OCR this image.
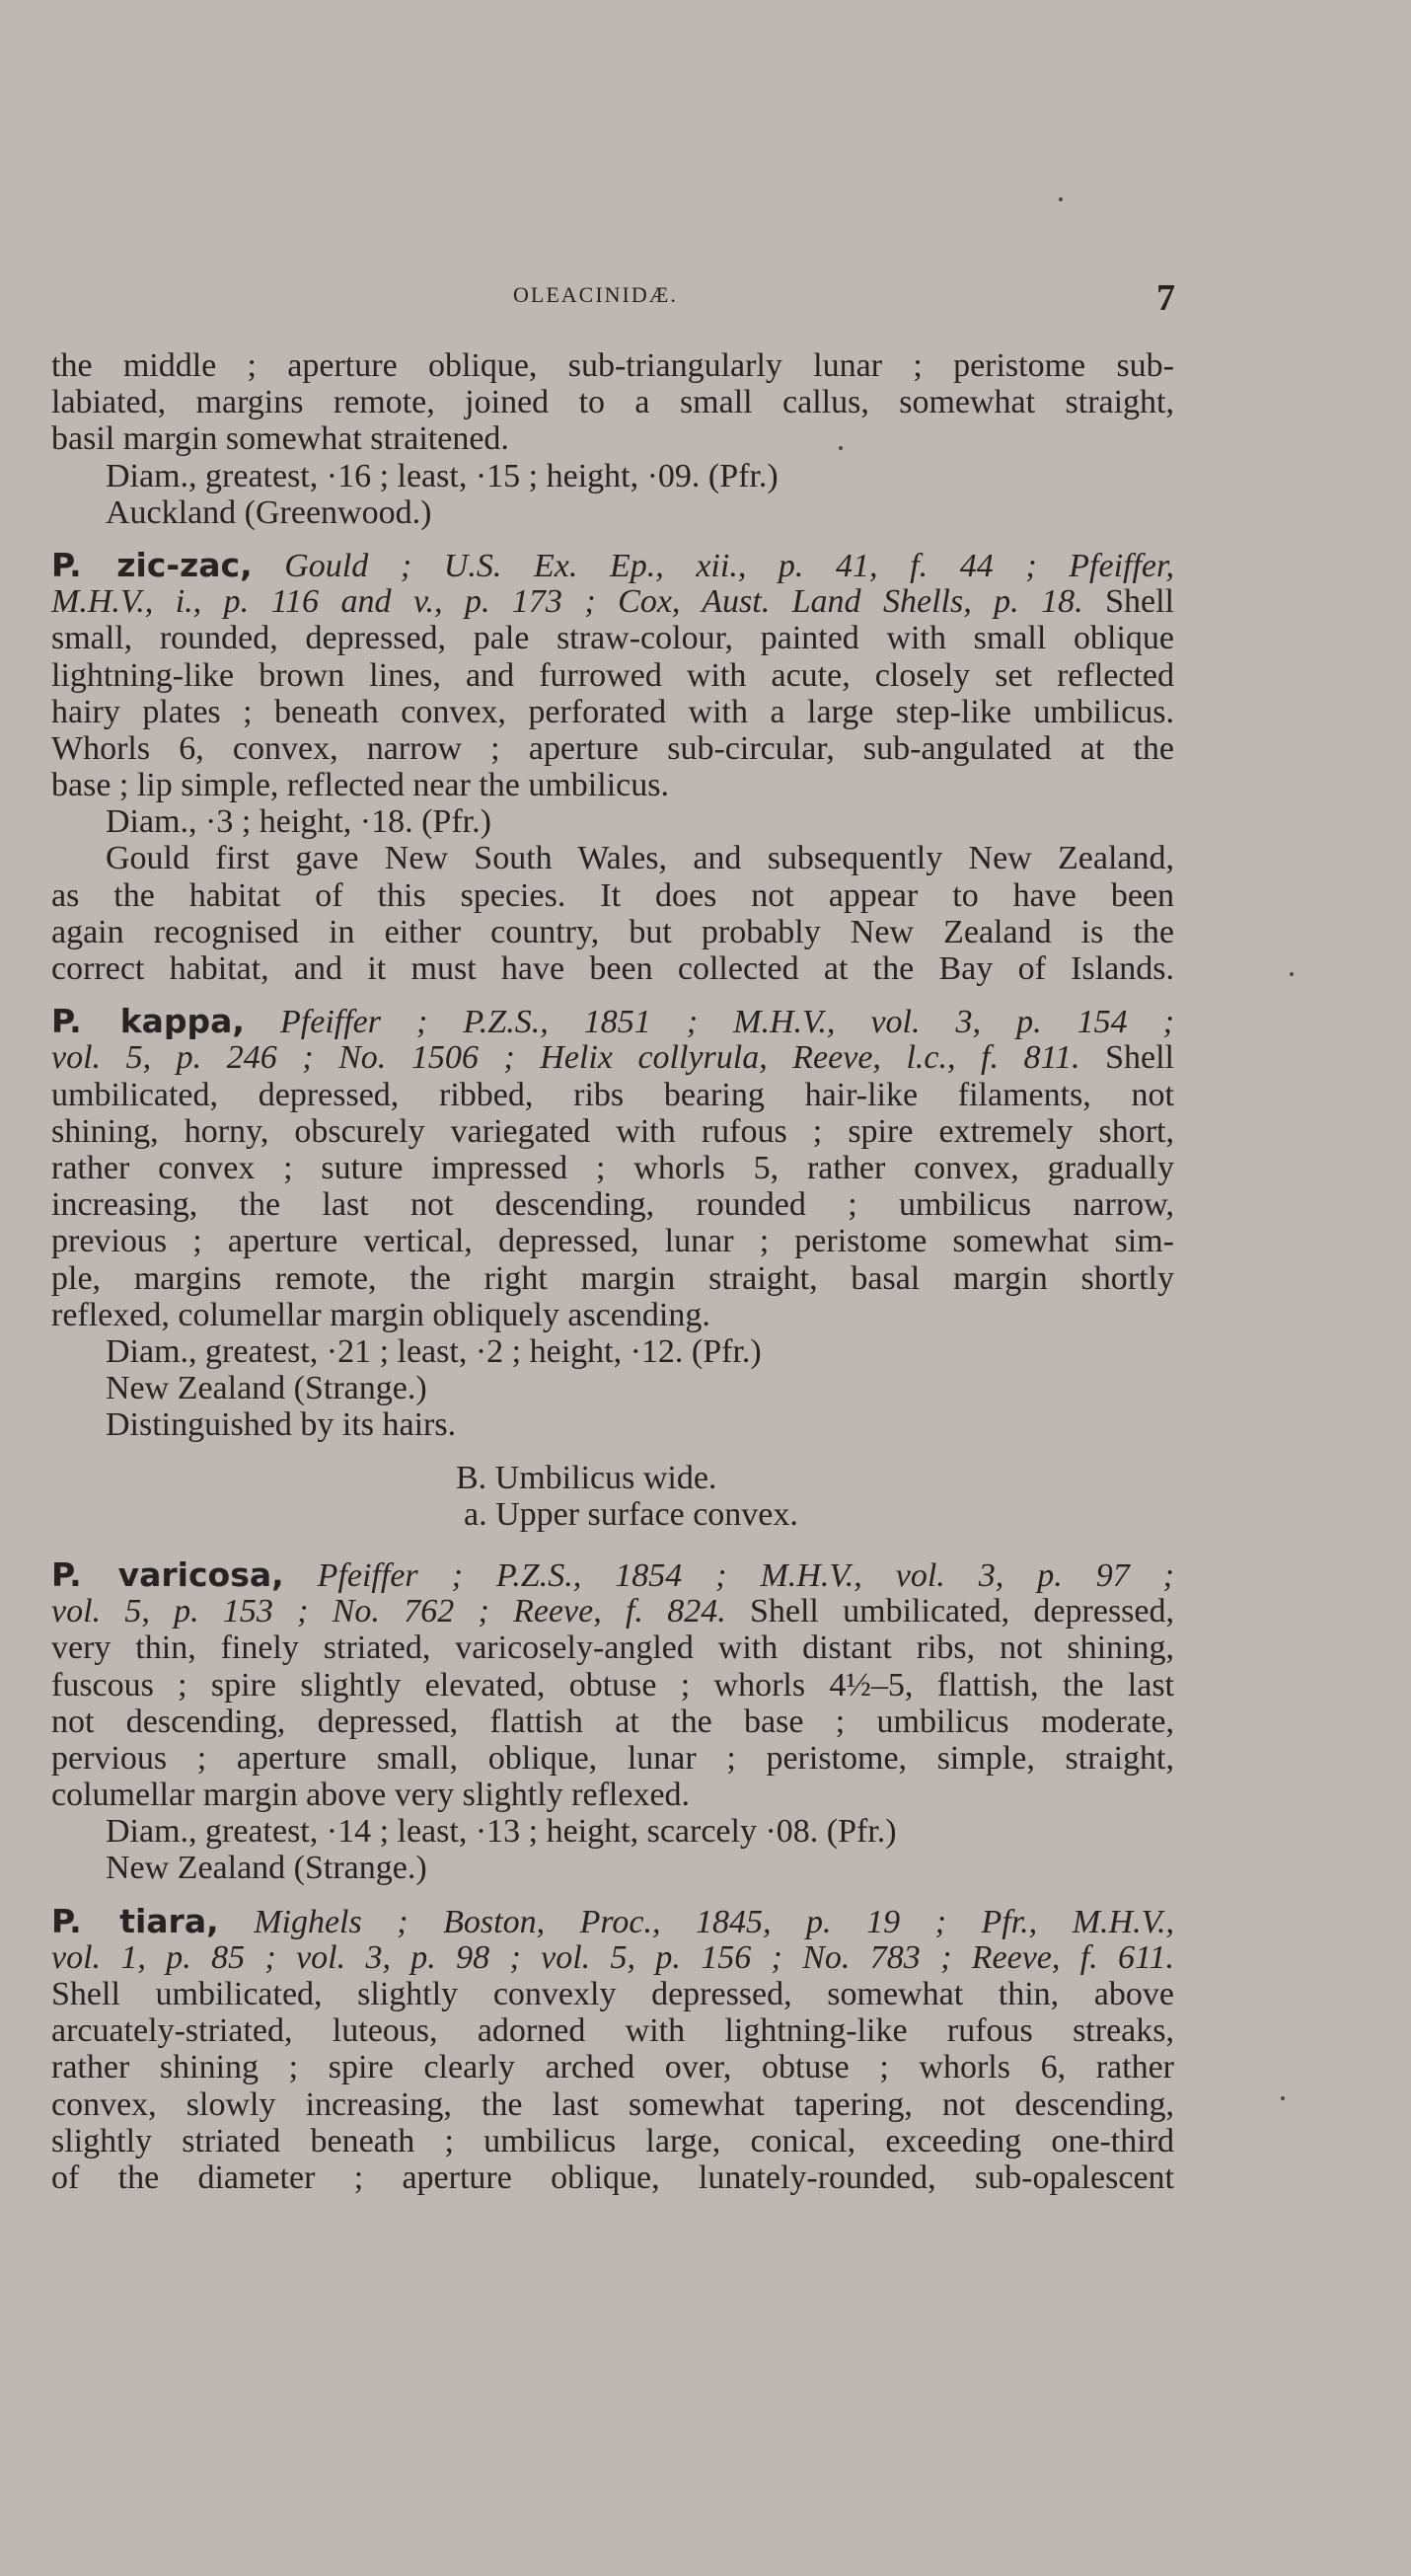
OLEACINIDÆ.	7

the middle ; aperture oblique, sub-triangularly lunar ; peristome sub-
labiated, margins remote, joined to a small callus, somewhat straight,
basil margin somewhat straitened.

Diam., greatest, ·16 ; least, ·15 ; height, ·09. (Pfr.)

Auckland (Greenwood.)

P. zic-zac, Gould ; U.S. Ex. Ep., xii., p. 41, f. 44 ; Pfeiffer,
M.H.V., i., p. 116 and v., p. 173 ; Cox, Aust. Land Shells, p. 18. Shell
small, rounded, depressed, pale straw-colour, painted with small oblique
lightning-like brown lines, and furrowed with acute, closely set reflected
hairy plates ; beneath convex, perforated with a large step-like umbilicus.
Whorls 6, convex, narrow ; aperture sub-circular, sub-angulated at the
base ; lip simple, reflected near the umbilicus.

Diam., ·3 ; height, ·18. (Pfr.)

Gould first gave New South Wales, and subsequently New Zealand,
as the habitat of this species. It does not appear to have been
again recognised in either country, but probably New Zealand is the
correct habitat, and it must have been collected at the Bay of Islands.
P. kappa, Pfeiffer ; P.Z.S., 1851 ; M.H.V., vol. 3, p. 154 ;
vol. 5, p. 246 ; No. 1506 ; Helix collyrula, Reeve, l.c., f. 811. Shell
umbilicated, depressed, ribbed, ribs bearing hair-like filaments, not
shining, horny, obscurely variegated with rufous ; spire extremely short,
rather convex ; suture impressed ; whorls 5, rather convex, gradually
increasing, the last not descending, rounded ; umbilicus narrow,
previous ; aperture vertical, depressed, lunar ; peristome somewhat sim-
ple, margins remote, the right margin straight, basal margin shortly
reflexed, columellar margin obliquely ascending.

Diam., greatest, ·21 ; least, ·2 ; height, ·12. (Pfr.)

New Zealand (Strange.)

Distinguished by its hairs.

B. Umbilicus wide.

a. Upper surface convex.

P. varicosa, Pfeiffer ; P.Z.S., 1854 ; M.H.V., vol. 3, p. 97 ;
vol. 5, p. 153 ; No. 762 ; Reeve, f. 824. Shell umbilicated, depressed,
very thin, finely striated, varicosely-angled with distant ribs, not shining,
fuscous ; spire slightly elevated, obtuse ; whorls 4½–5, flattish, the last
not descending, depressed, flattish at the base ; umbilicus moderate,
pervious ; aperture small, oblique, lunar ; peristome, simple, straight,
columellar margin above very slightly reflexed.

Diam., greatest, ·14 ; least, ·13 ; height, scarcely ·08. (Pfr.)

New Zealand (Strange.)

P. tiara, Mighels ; Boston, Proc., 1845, p. 19 ; Pfr., M.H.V.,
vol. 1, p. 85 ; vol. 3, p. 98 ; vol. 5, p. 156 ; No. 783 ; Reeve, f. 611.
Shell umbilicated, slightly convexly depressed, somewhat thin, above
arcuately-striated, luteous, adorned with lightning-like rufous streaks,
rather shining ; spire clearly arched over, obtuse ; whorls 6, rather
convex, slowly increasing, the last somewhat tapering, not descending,
slightly striated beneath ; umbilicus large, conical, exceeding one-third
of the diameter ; aperture oblique, lunately-rounded, sub-opalescent
